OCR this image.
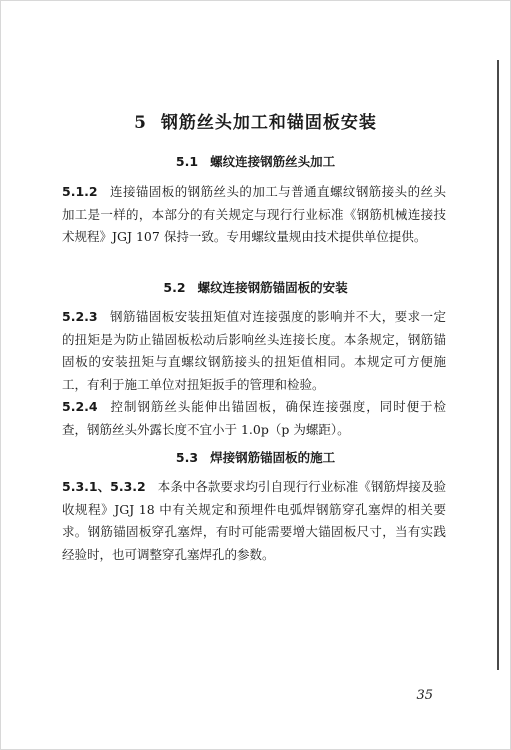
5 钢筋丝头加工和锚固板安装
5.1 螺纹连接钢筋丝头加工
5.1.2 连接锚固板的钢筋丝头的加工与普通直螺纹钢筋接头的丝头加工是一样的，本部分的有关规定与现行行业标准《钢筋机械连接技术规程》JGJ 107 保持一致。专用螺纹量规由技术提供单位提供。
5.2 螺纹连接钢筋锚固板的安装
5.2.3 钢筋锚固板安装扭矩值对连接强度的影响并不大，要求一定的扭矩是为防止锚固板松动后影响丝头连接长度。本条规定，钢筋锚固板的安装扭矩与直螺纹钢筋接头的扭矩值相同。本规定可方便施工，有利于施工单位对扭矩扳手的管理和检验。
5.2.4 控制钢筋丝头能伸出锚固板，确保连接强度，同时便于检查，钢筋丝头外露长度不宜小于 1.0p（p 为螺距）。
5.3 焊接钢筋锚固板的施工
5.3.1、5.3.2 本条中各款要求均引自现行行业标准《钢筋焊接及验收规程》JGJ 18 中有关规定和预埋件电弧焊钢筋穿孔塞焊的相关要求。钢筋锚固板穿孔塞焊，有时可能需要增大锚固板尺寸，当有实践经验时，也可调整穿孔塞焊孔的参数。
35
